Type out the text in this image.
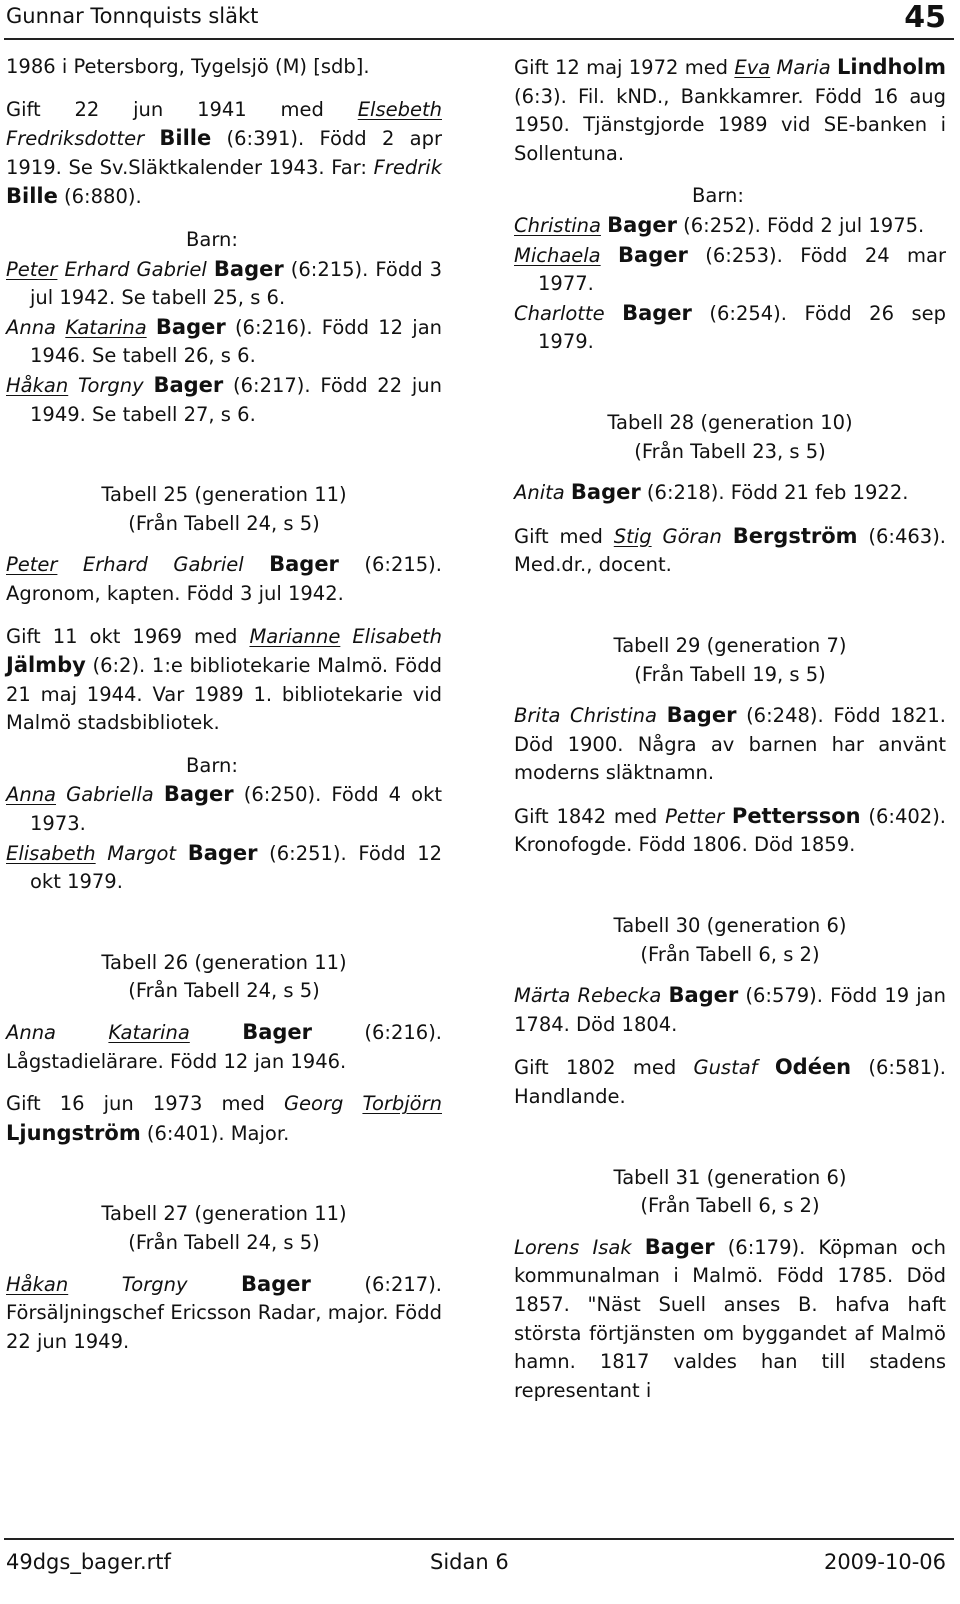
Gunnar Tonnquists släkt	45
1986 i Petersborg, Tygelsjö (M) [sdb].
Gift 22 jun 1941 med Elsebeth Fredriksdotter Bille (6:391). Född 2 apr 1919. Se Sv.Släktkalender 1943. Far: Fredrik Bille (6:880).
Barn:
Peter Erhard Gabriel Bager (6:215). Född 3 jul 1942. Se tabell 25, s 6.
Anna Katarina Bager (6:216). Född 12 jan 1946. Se tabell 26, s 6.
Håkan Torgny Bager (6:217). Född 22 jun 1949. Se tabell 27, s 6.
Tabell 25 (generation 11)
(Från Tabell 24, s 5)
Peter Erhard Gabriel Bager (6:215). Agronom, kapten. Född 3 jul 1942.
Gift 11 okt 1969 med Marianne Elisabeth Jälmby (6:2). 1:e bibliotekarie Malmö. Född 21 maj 1944. Var 1989 1. bibliotekarie vid Malmö stadsbibliotek.
Barn:
Anna Gabriella Bager (6:250). Född 4 okt 1973.
Elisabeth Margot Bager (6:251). Född 12 okt 1979.
Tabell 26 (generation 11)
(Från Tabell 24, s 5)
Anna	Katarina Bager (6:216). Lågstadielärare. Född 12 jan 1946.
Gift 16 jun 1973 med Georg Torbjörn Ljungström (6:401). Major.
Tabell 27 (generation 11)
(Från Tabell 24, s 5)
Håkan	Torgny	Bager (6:217). Försäljningschef Ericsson Radar, major. Född 22 jun 1949.
Gift 12 maj 1972 med Eva Maria Lindholm (6:3). Fil. kND., Bankkamrer. Född 16 aug 1950. Tjänstgjorde 1989 vid SE-banken i Sollentuna.
Barn:
Christina Bager (6:252). Född 2 jul 1975.
Michaela Bager (6:253). Född 24 mar 1977.
Charlotte Bager (6:254). Född 26 sep 1979.
Tabell 28 (generation 10)
(Från Tabell 23, s 5)
Anita Bager (6:218). Född 21 feb 1922.
Gift med Stig Göran Bergström (6:463). Med.dr., docent.
Tabell 29 (generation 7)
(Från Tabell 19, s 5)
Brita Christina Bager (6:248). Född 1821. Död 1900. Några av barnen har använt moderns släktnamn.
Gift 1842 med Petter Pettersson (6:402). Kronofogde. Född 1806. Död 1859.
Tabell 30 (generation 6)
(Från Tabell 6, s 2)
Märta Rebecka Bager (6:579). Född 19 jan 1784. Död 1804.
Gift 1802 med Gustaf Odéen (6:581). Handlande.
Tabell 31 (generation 6)
(Från Tabell 6, s 2)
Lorens Isak Bager (6:179). Köpman och kommunalman i Malmö. Född 1785. Död 1857. "Näst Suell anses B. hafva haft största förtjänsten om byggandet af Malmö hamn. 1817 valdes han till stadens representant i
49dgs_bager.rtf	Sidan 6	2009-10-06
